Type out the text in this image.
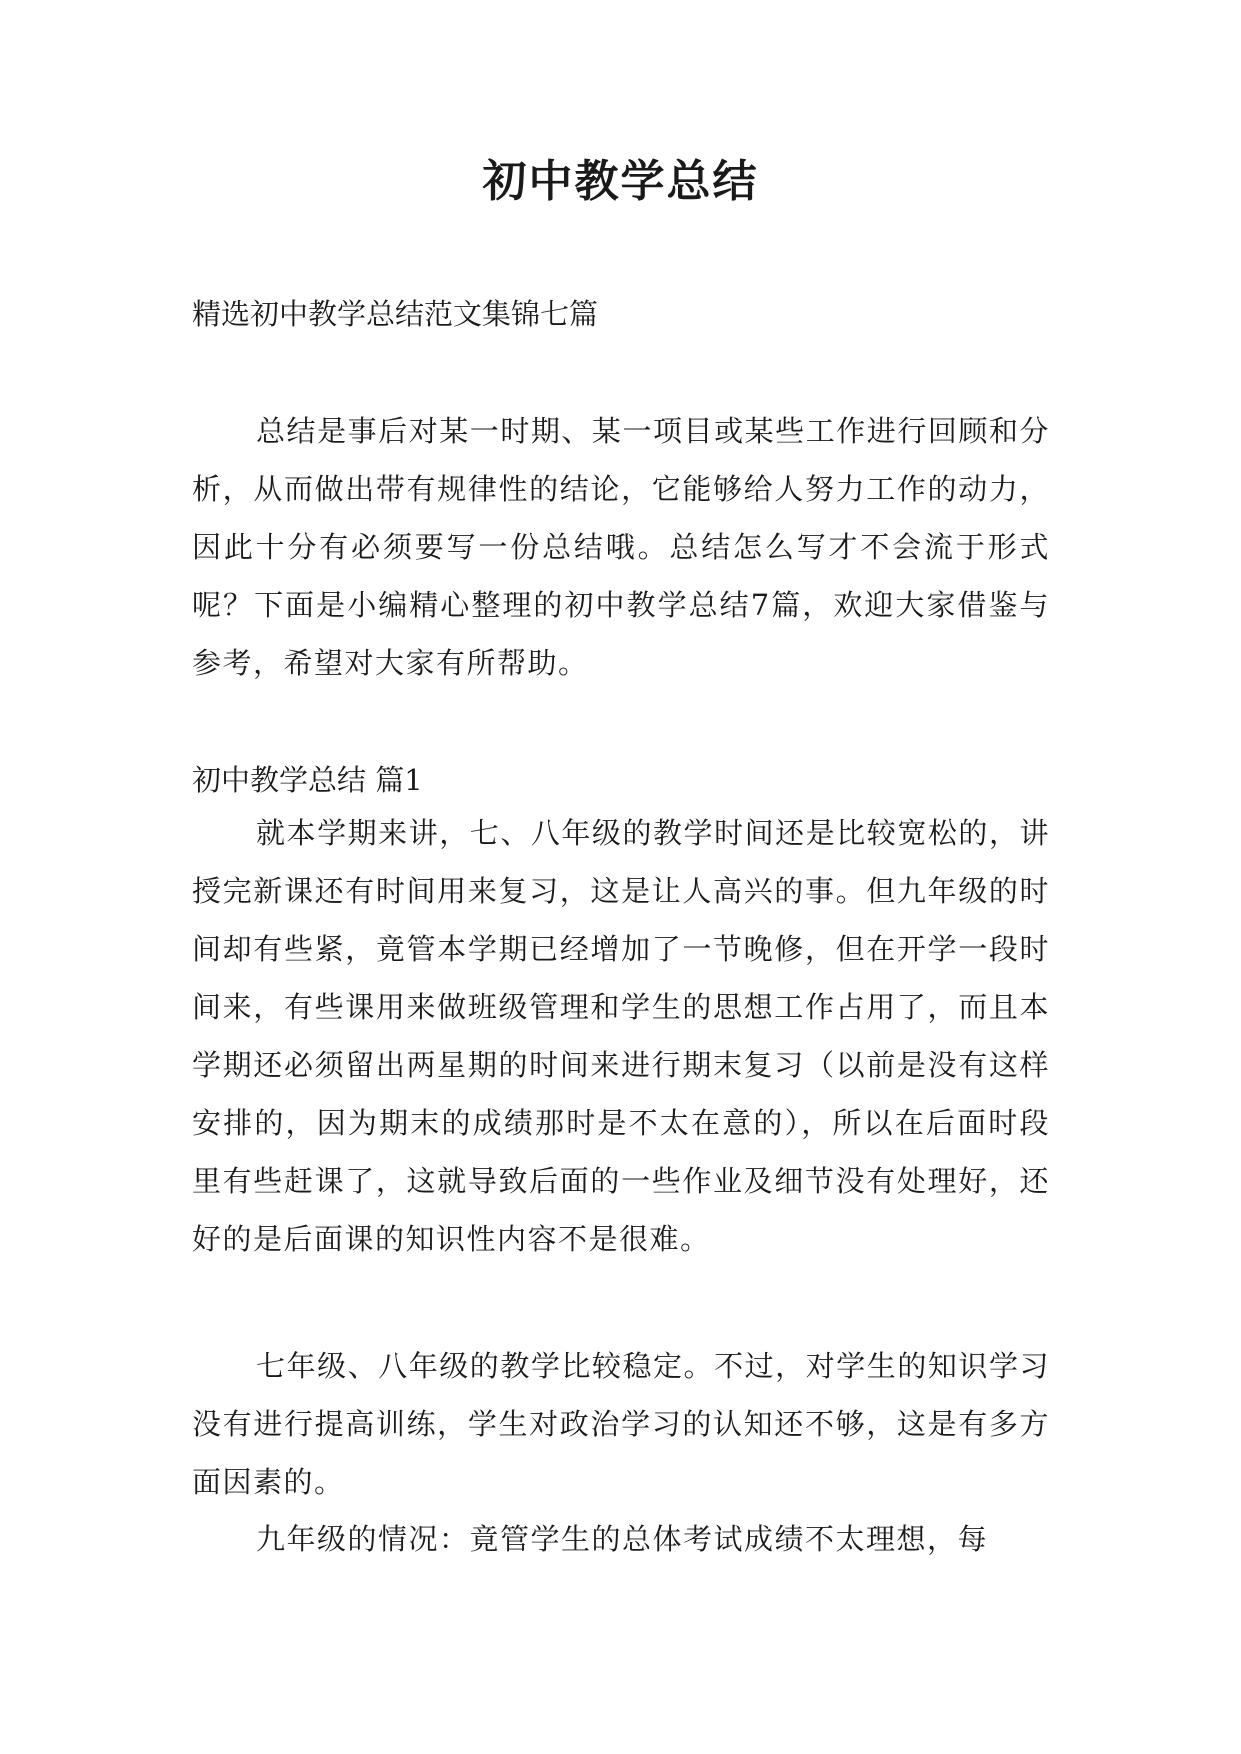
初中教学总结

精选初中教学总结范文集锦七篇

总结是事后对某一时期、某一项目或某些工作进行回顾和分析，从而做出带有规律性的结论，它能够给人努力工作的动力，因此十分有必须要写一份总结哦。总结怎么写才不会流于形式呢？下面是小编精心整理的初中教学总结7篇，欢迎大家借鉴与参考，希望对大家有所帮助。

初中教学总结 篇1

就本学期来讲，七、八年级的教学时间还是比较宽松的，讲授完新课还有时间用来复习，这是让人高兴的事。但九年级的时间却有些紧，竟管本学期已经增加了一节晚修，但在开学一段时间来，有些课用来做班级管理和学生的思想工作占用了，而且本学期还必须留出两星期的时间来进行期末复习（以前是没有这样安排的，因为期末的成绩那时是不太在意的），所以在后面时段里有些赶课了，这就导致后面的一些作业及细节没有处理好，还好的是后面课的知识性内容不是很难。

七年级、八年级的教学比较稳定。不过，对学生的知识学习没有进行提高训练，学生对政治学习的认知还不够，这是有多方面因素的。

九年级的情况：竟管学生的总体考试成绩不太理想，每
